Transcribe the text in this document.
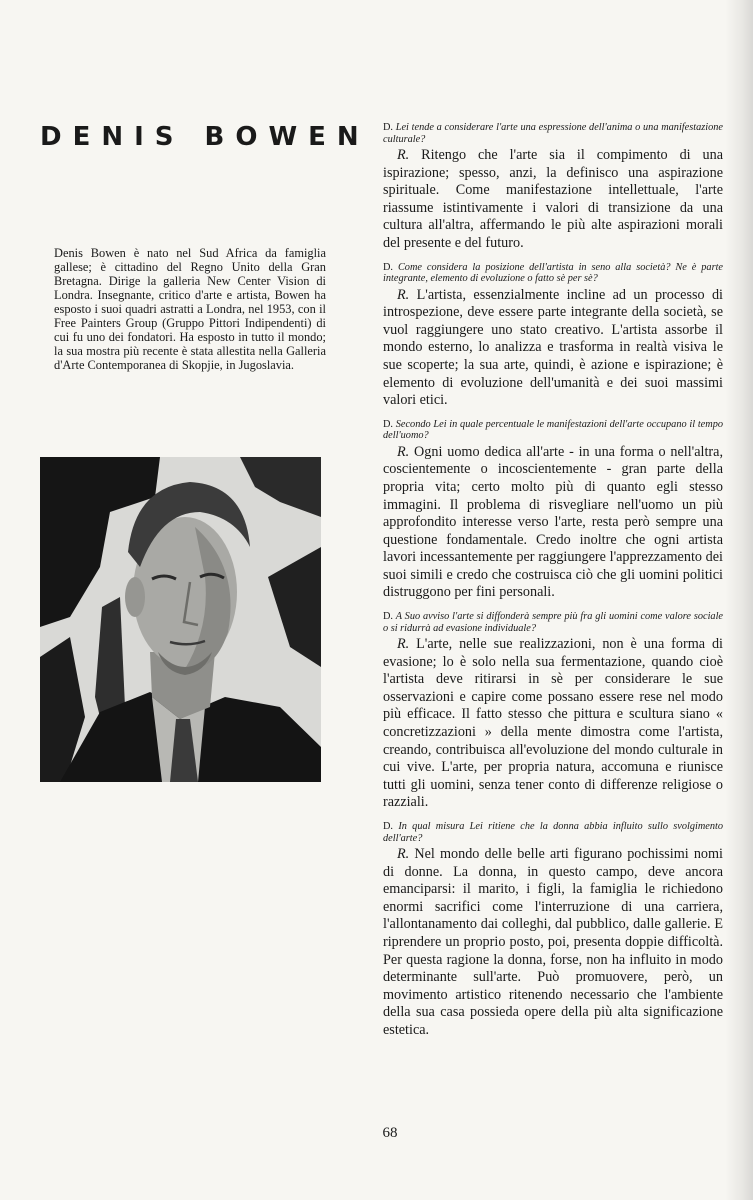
DENIS BOWEN

Denis Bowen è nato nel Sud Africa da famiglia gallese; è cittadino del Regno Unito della Gran Bretagna. Dirige la galleria New Center Vision di Londra. Insegnante, critico d'arte e artista, Bowen ha esposto i suoi quadri astratti a Londra, nel 1953, con il Free Painters Group (Gruppo Pittori Indipendenti) di cui fu uno dei fondatori. Ha esposto in tutto il mondo; la sua mostra più recente è stata allestita nella Galleria d'Arte Contemporanea di Skopjie, in Jugoslavia.

D. Lei tende a considerare l'arte una espressione dell'anima o una manifestazione culturale?

R. Ritengo che l'arte sia il compimento di una ispirazione; spesso, anzi, la definisco una aspirazione spirituale. Come manifestazione intellettuale, l'arte riassume istintivamente i valori di transizione da una cultura all'altra, affermando le più alte aspirazioni morali del presente e del futuro.

D. Come considera la posizione dell'artista in seno alla società? Ne è parte integrante, elemento di evoluzione o fatto sè per sè?

R. L'artista, essenzialmente incline ad un processo di introspezione, deve essere parte integrante della società, se vuol raggiungere uno stato creativo. L'artista assorbe il mondo esterno, lo analizza e trasforma in realtà visiva le sue scoperte; la sua arte, quindi, è azione e ispirazione; è elemento di evoluzione dell'umanità e dei suoi massimi valori etici.

D. Secondo Lei in quale percentuale le manifestazioni dell'arte occupano il tempo dell'uomo?

R. Ogni uomo dedica all'arte - in una forma o nell'altra, coscientemente o incoscientemente - gran parte della propria vita; certo molto più di quanto egli stesso immagini. Il problema di risvegliare nell'uomo un più approfondito interesse verso l'arte, resta però sempre una questione fondamentale. Credo inoltre che ogni artista lavori incessantemente per raggiungere l'apprezzamento dei suoi simili e credo che costruisca ciò che gli uomini politici distruggono per fini personali.

D. A Suo avviso l'arte si diffonderà sempre più fra gli uomini come valore sociale o si ridurrà ad evasione individuale?

R. L'arte, nelle sue realizzazioni, non è una forma di evasione; lo è solo nella sua fermentazione, quando cioè l'artista deve ritirarsi in sè per considerare le sue osservazioni e capire come possano essere rese nel modo più efficace. Il fatto stesso che pittura e scultura siano « concretizzazioni » della mente dimostra come l'artista, creando, contribuisca all'evoluzione del mondo culturale in cui vive. L'arte, per propria natura, accomuna e riunisce tutti gli uomini, senza tener conto di differenze religiose o razziali.

D. In qual misura Lei ritiene che la donna abbia influito sullo svolgimento dell'arte?

R. Nel mondo delle belle arti figurano pochissimi nomi di donne. La donna, in questo campo, deve ancora emanciparsi: il marito, i figli, la famiglia le richiedono enormi sacrifici come l'interruzione di una carriera, l'allontanamento dai colleghi, dal pubblico, dalle gallerie. E riprendere un proprio posto, poi, presenta doppie difficoltà. Per questa ragione la donna, forse, non ha influito in modo determinante sull'arte. Può promuovere, però, un movimento artistico ritenendo necessario che l'ambiente della sua casa possieda opere della più alta significazione estetica.

68
